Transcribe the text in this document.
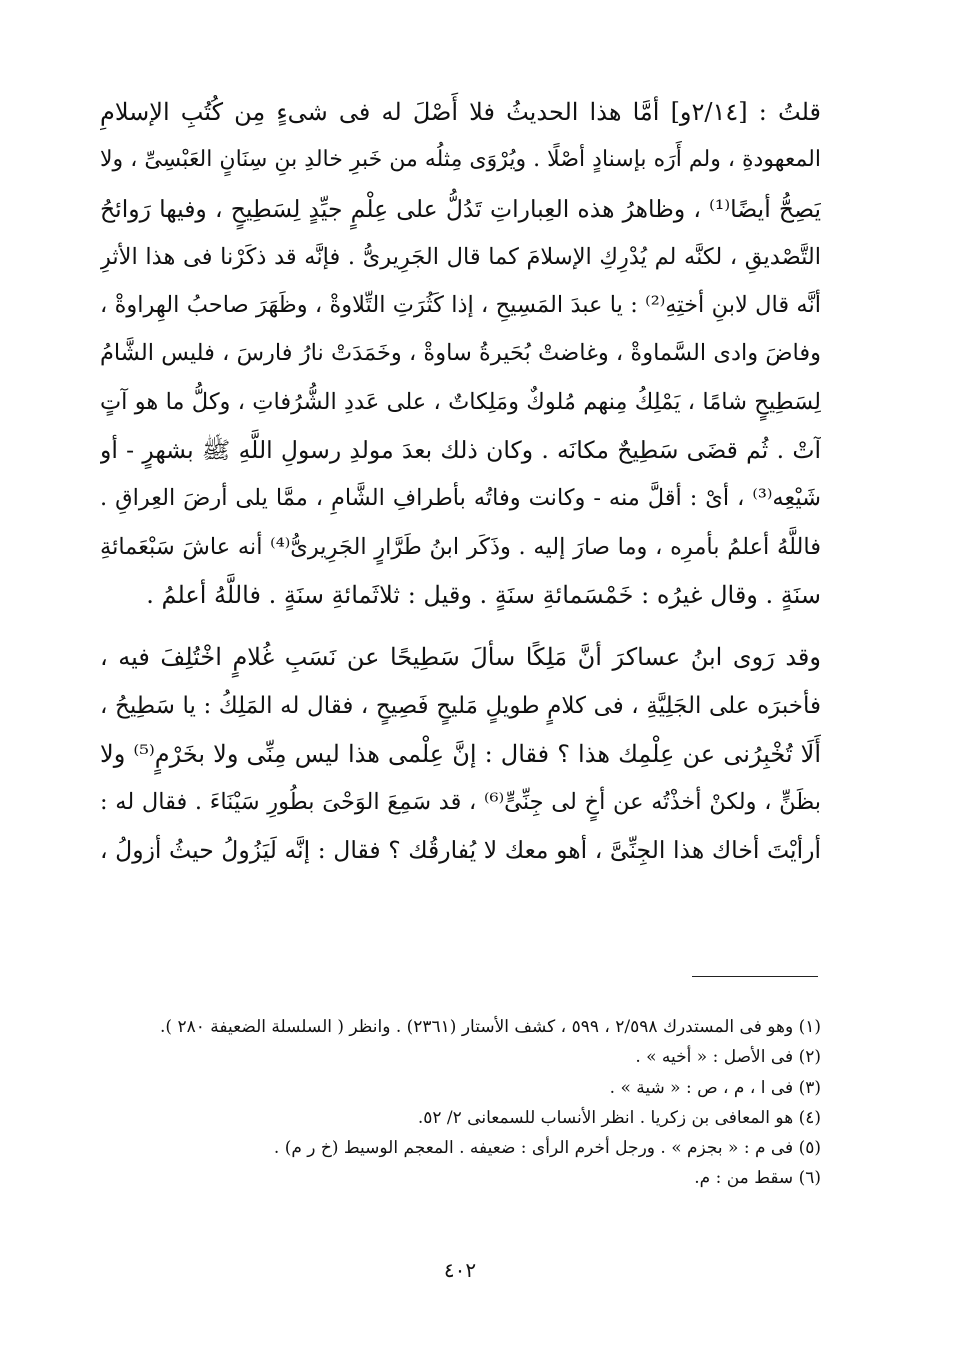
قلتُ : [٢/١٤و] أمَّا هذا الحديثُ فلا أَصْلَ له فى شىءٍ مِن كُتُبِ الإسلامِ
المعهودةِ ، ولم أَرَه بإسنادٍ أصْلًا . ويُرْوَى مِثلُه من خَبرِ خالدِ بنِ سِنَانٍ العَبْسِىِّ ، ولا
يَصِحُّ أيضًا⁽¹⁾ ، وظاهرُ هذه العِباراتِ تَدُلُّ على عِلْمٍ جيِّدٍ لِسَطِيحٍ ، وفيها رَوائحُ
التَّصْديقِ ، لكنَّه لم يُدْرِكِ الإسلامَ كما قال الجَرِيرىُّ . فإنَّه قد ذكَرْنا فى هذا الأثرِ
أنَّه قال لابنِ أختِهِ⁽²⁾ : يا عبدَ المَسِيحِ ، إذا كَثُرَتِ التِّلاوةْ ، وظَهَرَ صاحبُ الهِراوةْ ،
وفاضَ وادى السَّماوةْ ، وغاضتْ بُحَيرةُ ساوةْ ، وخَمَدَتْ نارُ فارسَ ، فليس الشَّامُ
لِسَطِيحٍ شامًا ، يَمْلِكُ مِنهم مُلوكٌ ومَلِكاتٌ ، على عَددِ الشُّرُفاتِ ، وكلُّ ما هو آتٍ
آتْ . ثُم قضَى سَطِيحٌ مكانَه . وكان ذلك بعدَ مولدِ رسولِ اللَّهِ ﷺ بشهرٍ - أو
شَيْعِه⁽³⁾ ، أىْ : أقلَّ منه - وكانت وفاتُه بأطرافِ الشَّامِ ، ممَّا يلى أرضَ العِراقِ .
فاللَّهُ أعلمُ بأمرِه ، وما صارَ إليه . وذَكَر ابنُ طَرَّارٍ الجَرِيرىُّ⁽⁴⁾ أنه عاشَ سَبْعَمائةِ
سنَةٍ . وقال غيرُه : خَمْسَمائةِ سنَةٍ . وقيل : ثلاثَمائةِ سنَةٍ . فاللَّهُ أعلمُ .
وقد رَوى ابنُ عساكرَ أنَّ مَلِكًا سألَ سَطِيحًا عن نَسَبِ غُلامٍ اخْتُلِفَ فيه ،
فأخبرَه على الجَلِيَّةِ ، فى كلامٍ طويلٍ مَليحٍ فَصِيحٍ ، فقال له المَلِكُ : يا سَطِيحُ ،
أَلَا تُخْبِرُنى عن عِلْمِك هذا ؟ فقال : إنَّ عِلْمى هذا ليس مِنِّى ولا بخَرْمٍ⁽⁵⁾ ولا
بظَنٍّ ، ولكنْ أخذْتُه عن أخٍ لى جِنِّىٍّ⁽⁶⁾ ، قد سَمِعَ الوَحْىَ بطُورِ سَيْنَاءَ . فقال له :
أرأيْتَ أخاك هذا الجِنِّىَّ ، أهو معك لا يُفارقُك ؟ فقال : إنَّه لَيَزُولُ حيثُ أزولُ ،
(١) وهو فى المستدرك ٢/٥٩٨ ، ٥٩٩ ، كشف الأستار (٢٣٦١) . وانظر ( السلسلة الضعيفة ٢٨٠ ).
(٢) فى الأصل : « أخيه » .
(٣) فى ا ، م ، ص : « شية » .
(٤) هو المعافى بن زكريا . انظر الأنساب للسمعانى ٢/ ٥٢.
(٥) فى م : « بجزم » . ورجل أخرم الرأى : ضعيفه . المعجم الوسيط (خ ر م) .
(٦) سقط من : م.
٤٠٢
